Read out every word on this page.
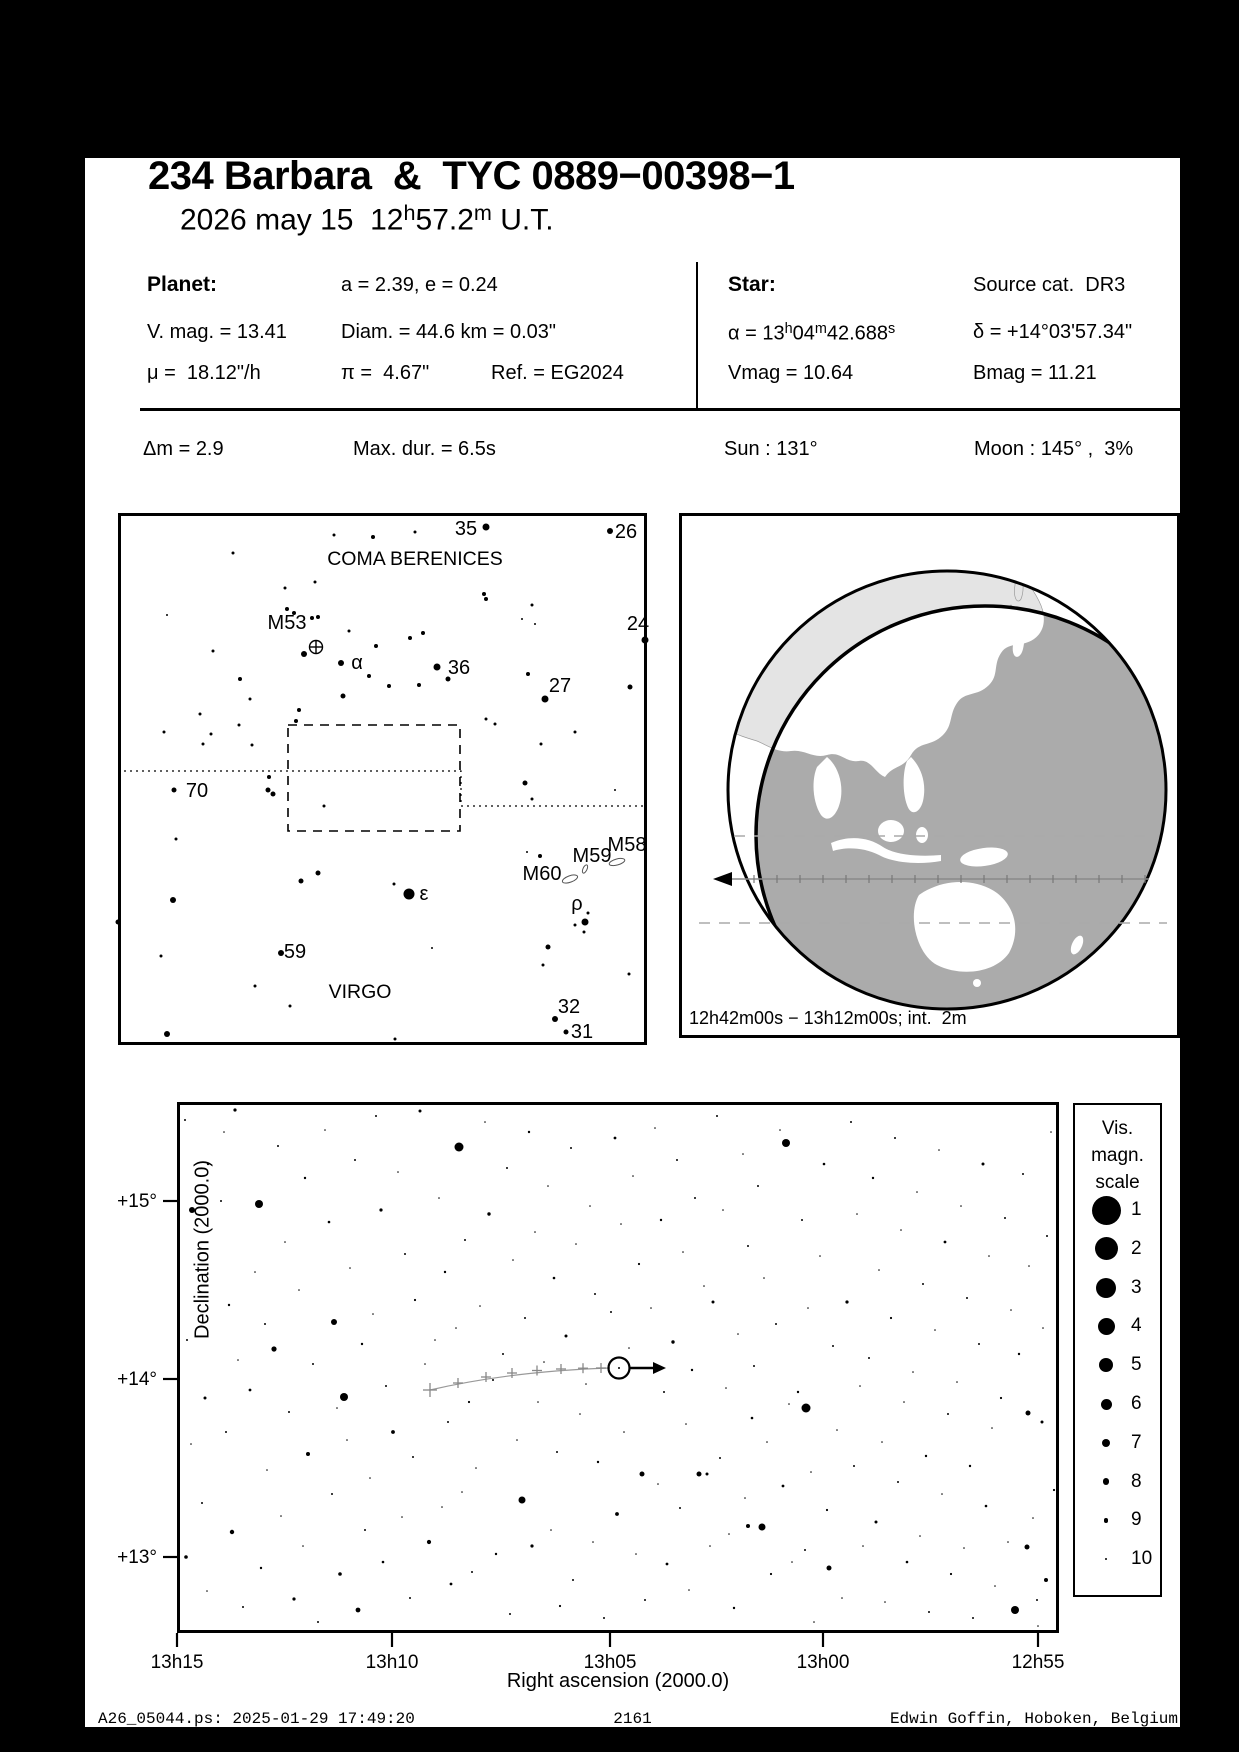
234 Barbara  &  TYC 0889−00398−1
2026 may 15  12$^h$57.2$^m$ U.T.
Planet:	a = 2.39, e = 0.24
V. mag. = 13.41	Diam. = 44.6 km = 0.03"
μ =  18.12"/h	π =  4.67"	Ref. = EG2024
Star:	Source cat.  DR3
$\alpha = 13^h04^m42.688^s$	δ = +14°03'57.34"
Vmag = 10.64	Bmag = 11.21
Δm = 2.9	Max. dur. = 6.5s	Sun : 131°	Moon : 145° ,  3%
COMA BERENICES
VIRGO
35	26
M53	24
α	36
27
70
M60
M59
M58
ε	ρ
59
32
31
12h42m00s − 13h12m00s; int.  2m
13h15	13h10	13h05	13h00	12h55
+15°
+14°
+13°
Declination (2000.0)
Right ascension (2000.0)
Vis.
magn.
scale
1
2
3
4
5
6
7
8
9
10
A26_05044.ps: 2025-01-29 17:49:20	2161	Edwin Goffin, Hoboken, Belgium
